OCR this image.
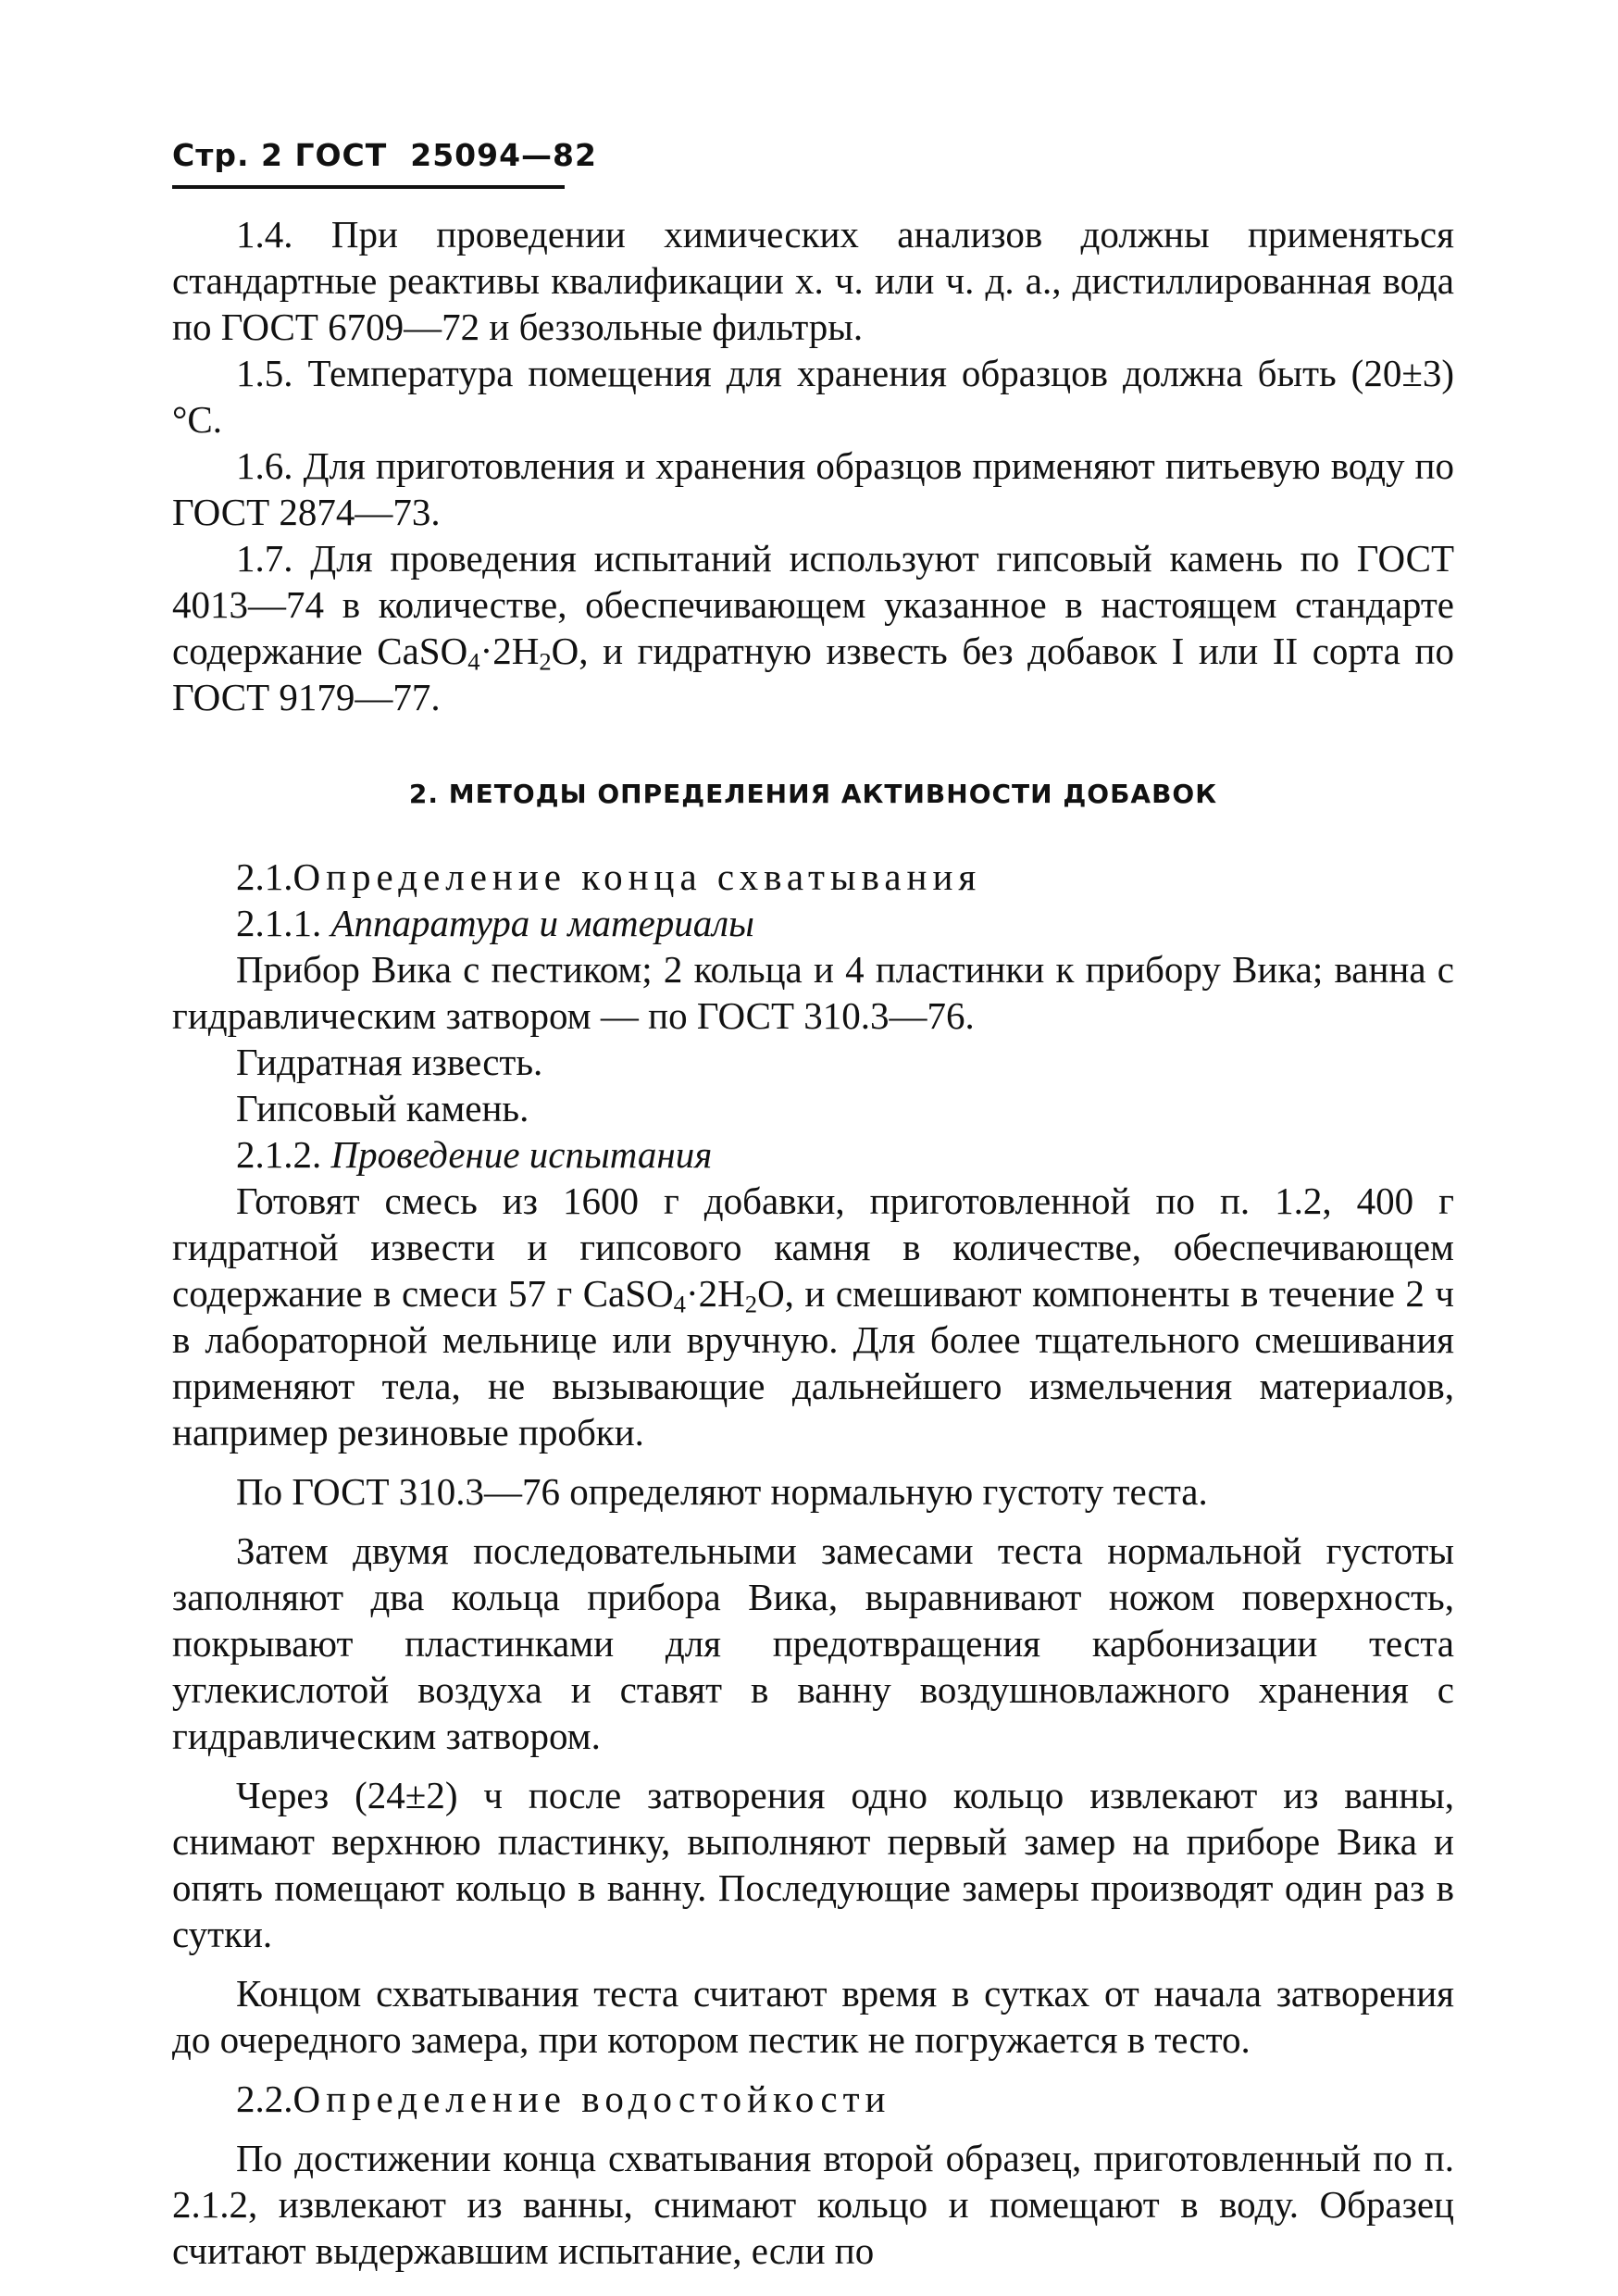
Стр. 2 ГОСТ  25094—82

1.4. При проведении химических анализов должны применяться стандартные реактивы квалификации х. ч. или ч. д. а., дистиллированная вода по ГОСТ 6709—72 и беззольные фильтры.

1.5. Температура помещения для хранения образцов должна быть (20±3)°С.

1.6. Для приготовления и хранения образцов применяют питьевую воду по ГОСТ 2874—73.

1.7. Для проведения испытаний используют гипсовый камень по ГОСТ 4013—74 в количестве, обеспечивающем указанное в настоящем стандарте содержание $CaSO_4\cdot 2H_2O$, и гидратную известь без добавок I или II сорта по ГОСТ 9179—77.

2. МЕТОДЫ ОПРЕДЕЛЕНИЯ АКТИВНОСТИ ДОБАВОК

2.1.Определение конца схватывания

2.1.1. Аппаратура и материалы

Прибор Вика с пестиком; 2 кольца и 4 пластинки к прибору Вика; ванна с гидравлическим затвором — по ГОСТ 310.3—76.

Гидратная известь.

Гипсовый камень.

2.1.2. Проведение испытания

Готовят смесь из 1600 г добавки, приготовленной по п. 1.2, 400 г гидратной извести и гипсового камня в количестве, обеспечивающем содержание в смеси 57 г $CaSO_4\cdot 2H_2O$, и смешивают компоненты в течение 2 ч в лабораторной мельнице или вручную. Для более тщательного смешивания применяют тела, не вызывающие дальнейшего измельчения материалов, например резиновые пробки.

По ГОСТ 310.3—76 определяют нормальную густоту теста.

Затем двумя последовательными замесами теста нормальной густоты заполняют два кольца прибора Вика, выравнивают ножом поверхность, покрывают пластинками для предотвращения карбонизации теста углекислотой воздуха и ставят в ванну воздушновлажного хранения с гидравлическим затвором.

Через (24±2) ч после затворения одно кольцо извлекают из ванны, снимают верхнюю пластинку, выполняют первый замер на приборе Вика и опять помещают кольцо в ванну. Последующие замеры производят один раз в сутки.

Концом схватывания теста считают время в сутках от начала затворения до очередного замера, при котором пестик не погружается в тесто.

2.2.Определение водостойкости

По достижении конца схватывания второй образец, приготовленный по п. 2.1.2, извлекают из ванны, снимают кольцо и помещают в воду. Образец считают выдержавшим испытание, если по
